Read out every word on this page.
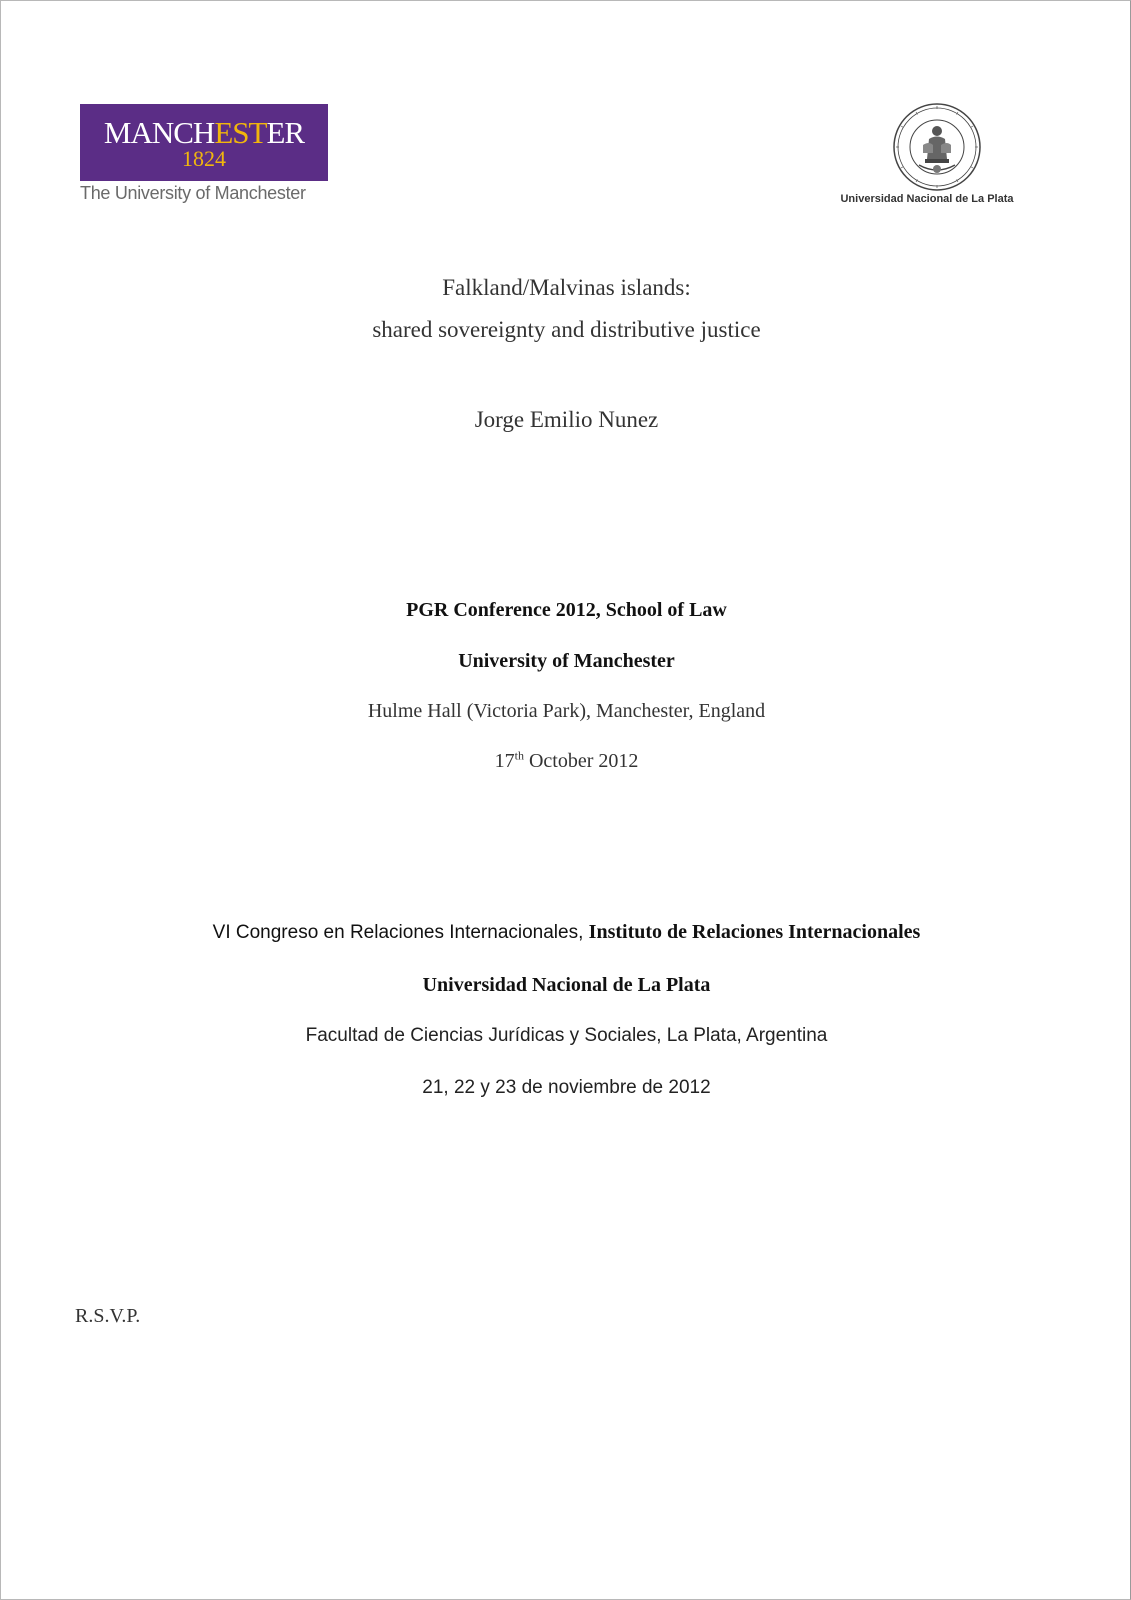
MANCHESTER
1824
The University of Manchester	Universidad Nacional de La Plata
Falkland/Malvinas islands:
shared sovereignty and distributive justice
Jorge Emilio Nunez
PGR Conference 2012, School of Law
University of Manchester
Hulme Hall (Victoria Park), Manchester, England
17th October 2012
VI Congreso en Relaciones Internacionales, Instituto de Relaciones Internacionales
Universidad Nacional de La Plata
Facultad de Ciencias Jurídicas y Sociales, La Plata, Argentina
21, 22 y 23 de noviembre de 2012
R.S.V.P.
